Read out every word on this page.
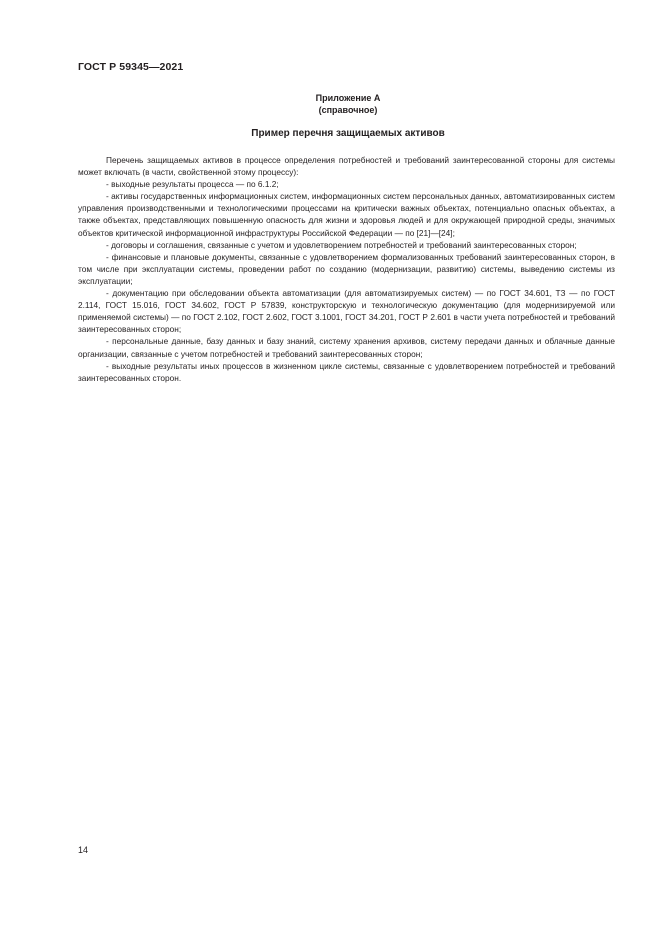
ГОСТ Р 59345—2021
Приложение А
(справочное)
Пример перечня защищаемых активов

Перечень защищаемых активов в процессе определения потребностей и требований заинтересованной стороны для системы может включать (в части, свойственной этому процессу):

- выходные результаты процесса — по 6.1.2;

- активы государственных информационных систем, информационных систем персональных данных, автоматизированных систем управления производственными и технологическими процессами на критически важных объектах, потенциально опасных объектах, а также объектах, представляющих повышенную опасность для жизни и здоровья людей и для окружающей природной среды, значимых объектов критической информационной инфраструктуры Российской Федерации — по [21]—[24];

- договоры и соглашения, связанные с учетом и удовлетворением потребностей и требований заинтересованных сторон;

- финансовые и плановые документы, связанные с удовлетворением формализованных требований заинтересованных сторон, в том числе при эксплуатации системы, проведении работ по созданию (модернизации, развитию) системы, выведению системы из эксплуатации;

- документацию при обследовании объекта автоматизации (для автоматизируемых систем) — по ГОСТ 34.601, ТЗ — по ГОСТ 2.114, ГОСТ 15.016, ГОСТ 34.602, ГОСТ Р 57839, конструкторскую и технологическую документацию (для модернизируемой или применяемой системы) — по ГОСТ 2.102, ГОСТ 2.602, ГОСТ 3.1001, ГОСТ 34.201, ГОСТ Р 2.601 в части учета потребностей и требований заинтересованных сторон;

- персональные данные, базу данных и базу знаний, систему хранения архивов, систему передачи данных и облачные данные организации, связанные с учетом потребностей и требований заинтересованных сторон;

- выходные результаты иных процессов в жизненном цикле системы, связанные с удовлетворением потребностей и требований заинтересованных сторон.

14
